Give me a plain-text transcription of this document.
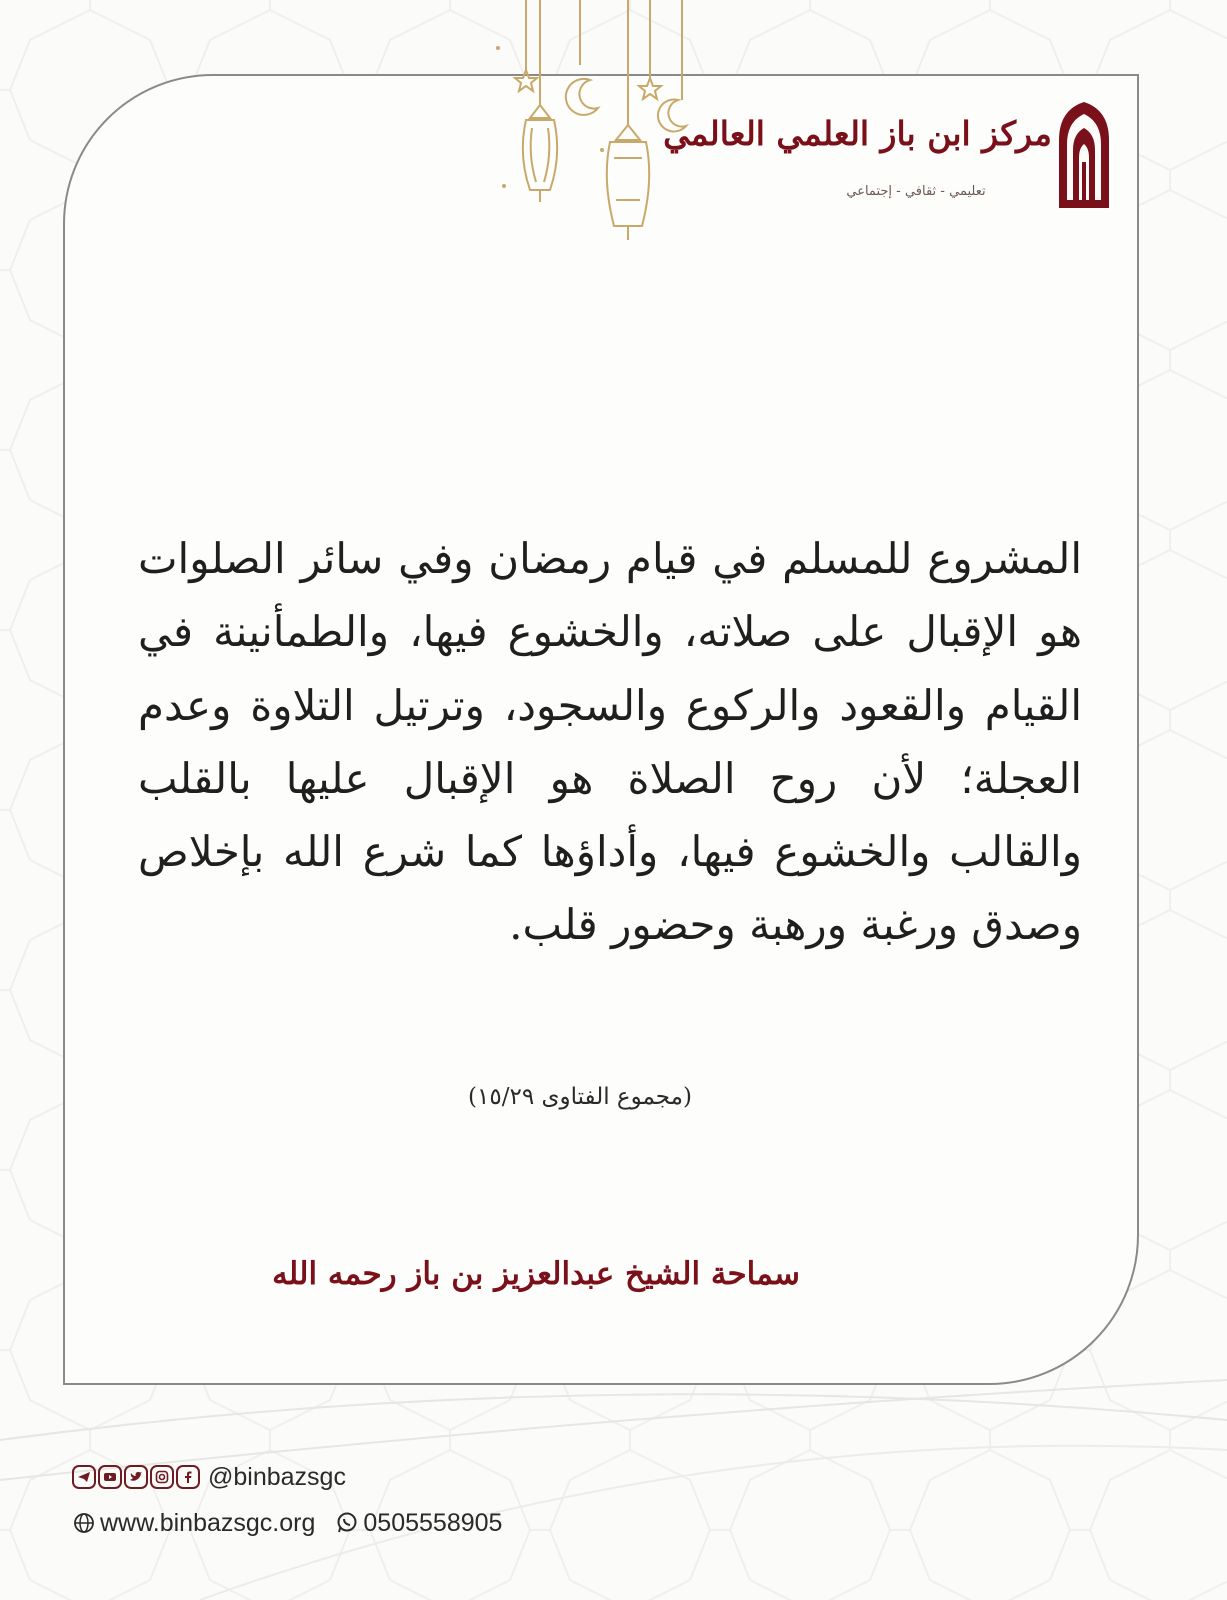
مركز ابن باز العلمي العالمي
تعليمي - ثقافي - إجتماعي

المشروع للمسلم في قيام رمضان وفي سائر الصلوات هو الإقبال على صلاته، والخشوع فيها، والطمأنينة في القيام والقعود والركوع والسجود، وترتيل التلاوة وعدم العجلة؛ لأن روح الصلاة هو الإقبال عليها بالقلب والقالب والخشوع فيها، وأداؤها كما شرع الله بإخلاص وصدق ورغبة ورهبة وحضور قلب.

(مجموع الفتاوى ١٥/٢٩)
سماحة الشيخ عبدالعزيز بن باز رحمه الله
@binbazsgc
www.binbazsgc.org 0505558905
